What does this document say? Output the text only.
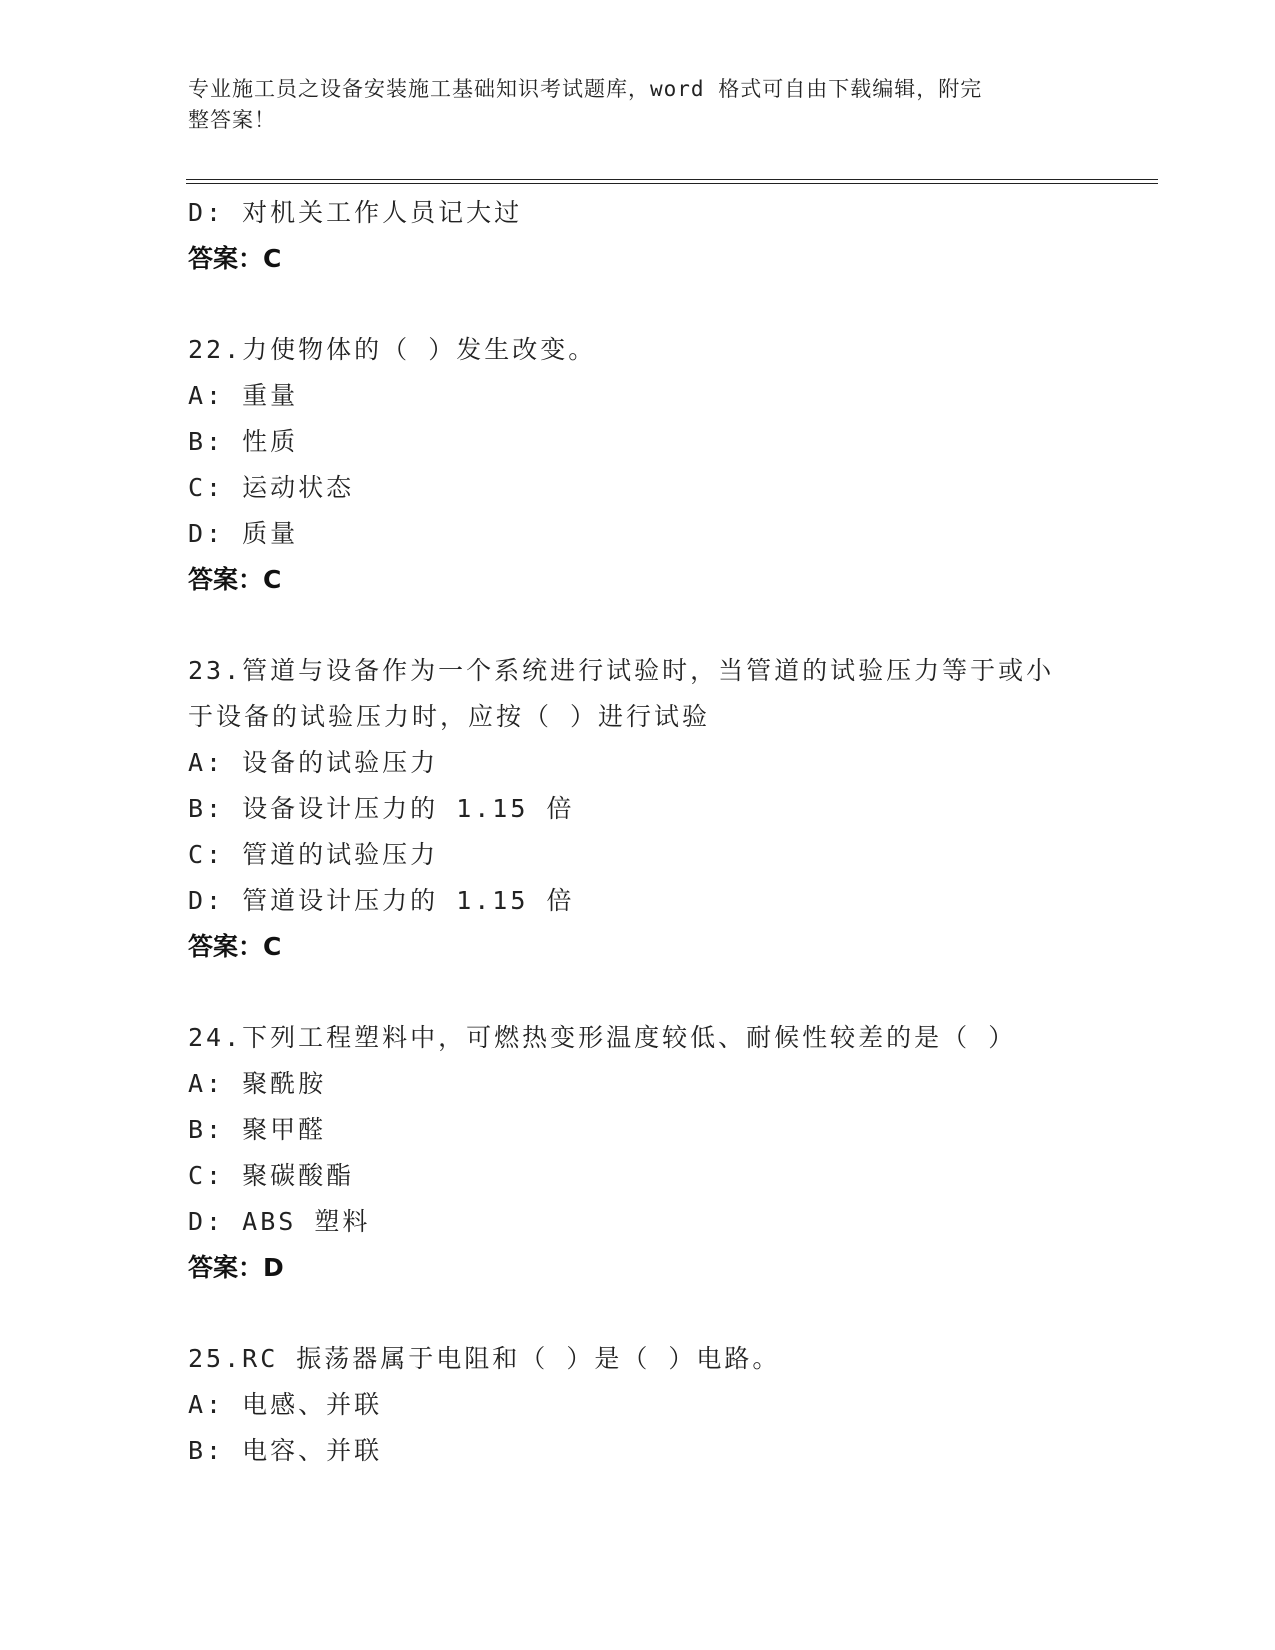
专业施工员之设备安装施工基础知识考试题库，word 格式可自由下载编辑，附完
整答案！
D: 对机关工作人员记大过
答案：C
22.力使物体的（ ）发生改变。
A: 重量
B: 性质
C: 运动状态
D: 质量
答案：C
23.管道与设备作为一个系统进行试验时，当管道的试验压力等于或小
于设备的试验压力时，应按（ ）进行试验
A: 设备的试验压力
B: 设备设计压力的 1.15 倍
C: 管道的试验压力
D: 管道设计压力的 1.15 倍
答案：C
24.下列工程塑料中，可燃热变形温度较低、耐候性较差的是（ ）
A: 聚酰胺
B: 聚甲醛
C: 聚碳酸酯
D: ABS 塑料
答案：D
25.RC 振荡器属于电阻和（ ）是（ ）电路。
A: 电感、并联
B: 电容、并联
